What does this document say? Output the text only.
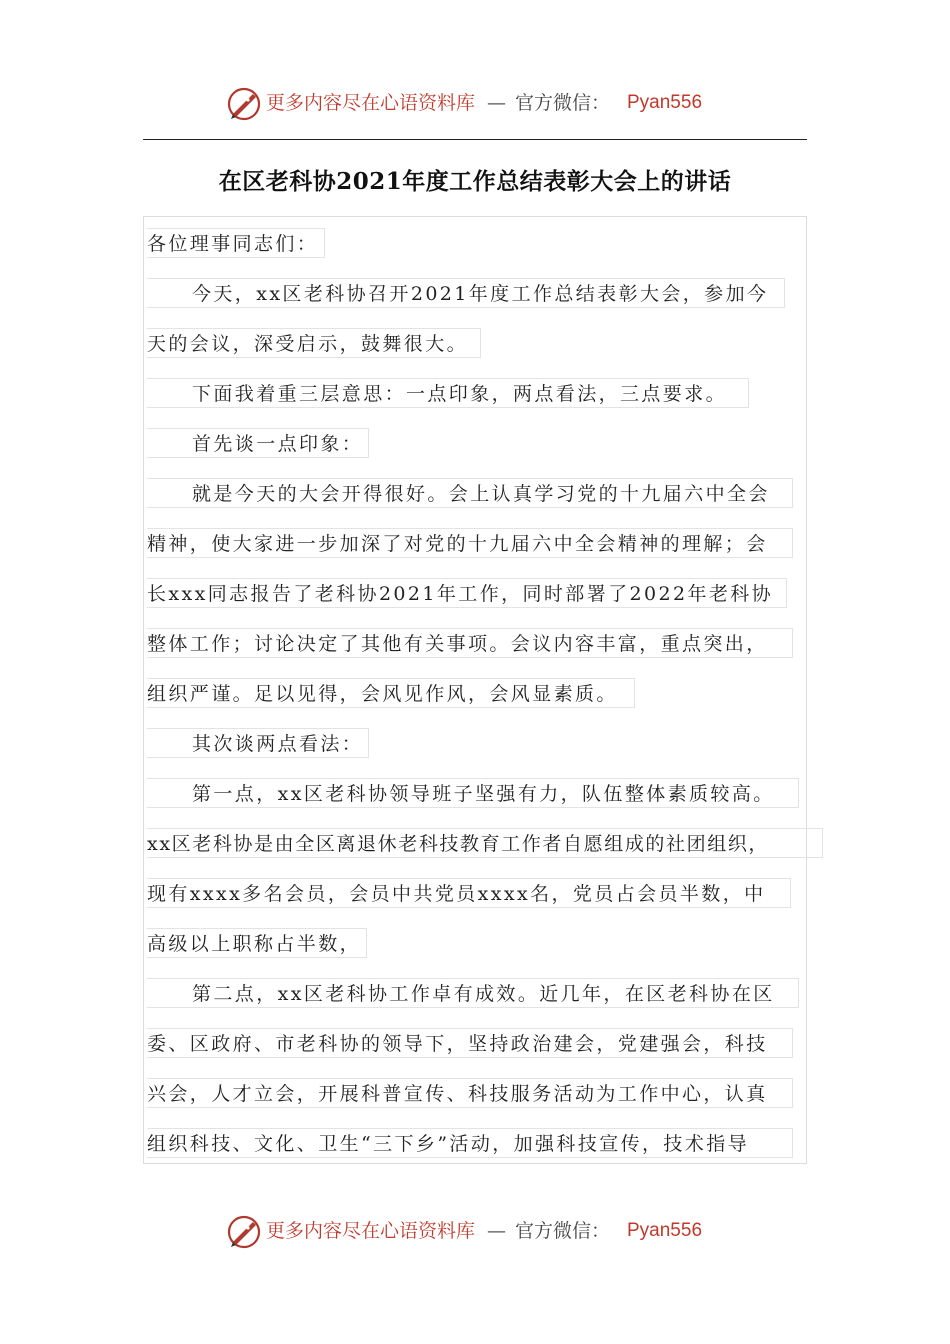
更多内容尽在心语资料库 — 官方微信： Pyan556
在区老科协2021年度工作总结表彰大会上的讲话
各位理事同志们：
今天，xx区老科协召开2021年度工作总结表彰大会，参加今
天的会议，深受启示，鼓舞很大。
下面我着重三层意思：一点印象，两点看法，三点要求。
首先谈一点印象：
就是今天的大会开得很好。会上认真学习党的十九届六中全会
精神，使大家进一步加深了对党的十九届六中全会精神的理解；会
长xxx同志报告了老科协2021年工作，同时部署了2022年老科协
整体工作；讨论决定了其他有关事项。会议内容丰富，重点突出，
组织严谨。足以见得，会风见作风，会风显素质。
其次谈两点看法：
第一点，xx区老科协领导班子坚强有力，队伍整体素质较高。
xx区老科协是由全区离退休老科技教育工作者自愿组成的社团组织，
现有xxxx多名会员，会员中共党员xxxx名，党员占会员半数，中
高级以上职称占半数，
第二点，xx区老科协工作卓有成效。近几年，在区老科协在区
委、区政府、市老科协的领导下，坚持政治建会，党建强会，科技
兴会，人才立会，开展科普宣传、科技服务活动为工作中心，认真
组织科技、文化、卫生“三下乡”活动，加强科技宣传，技术指导
更多内容尽在心语资料库 — 官方微信： Pyan556
